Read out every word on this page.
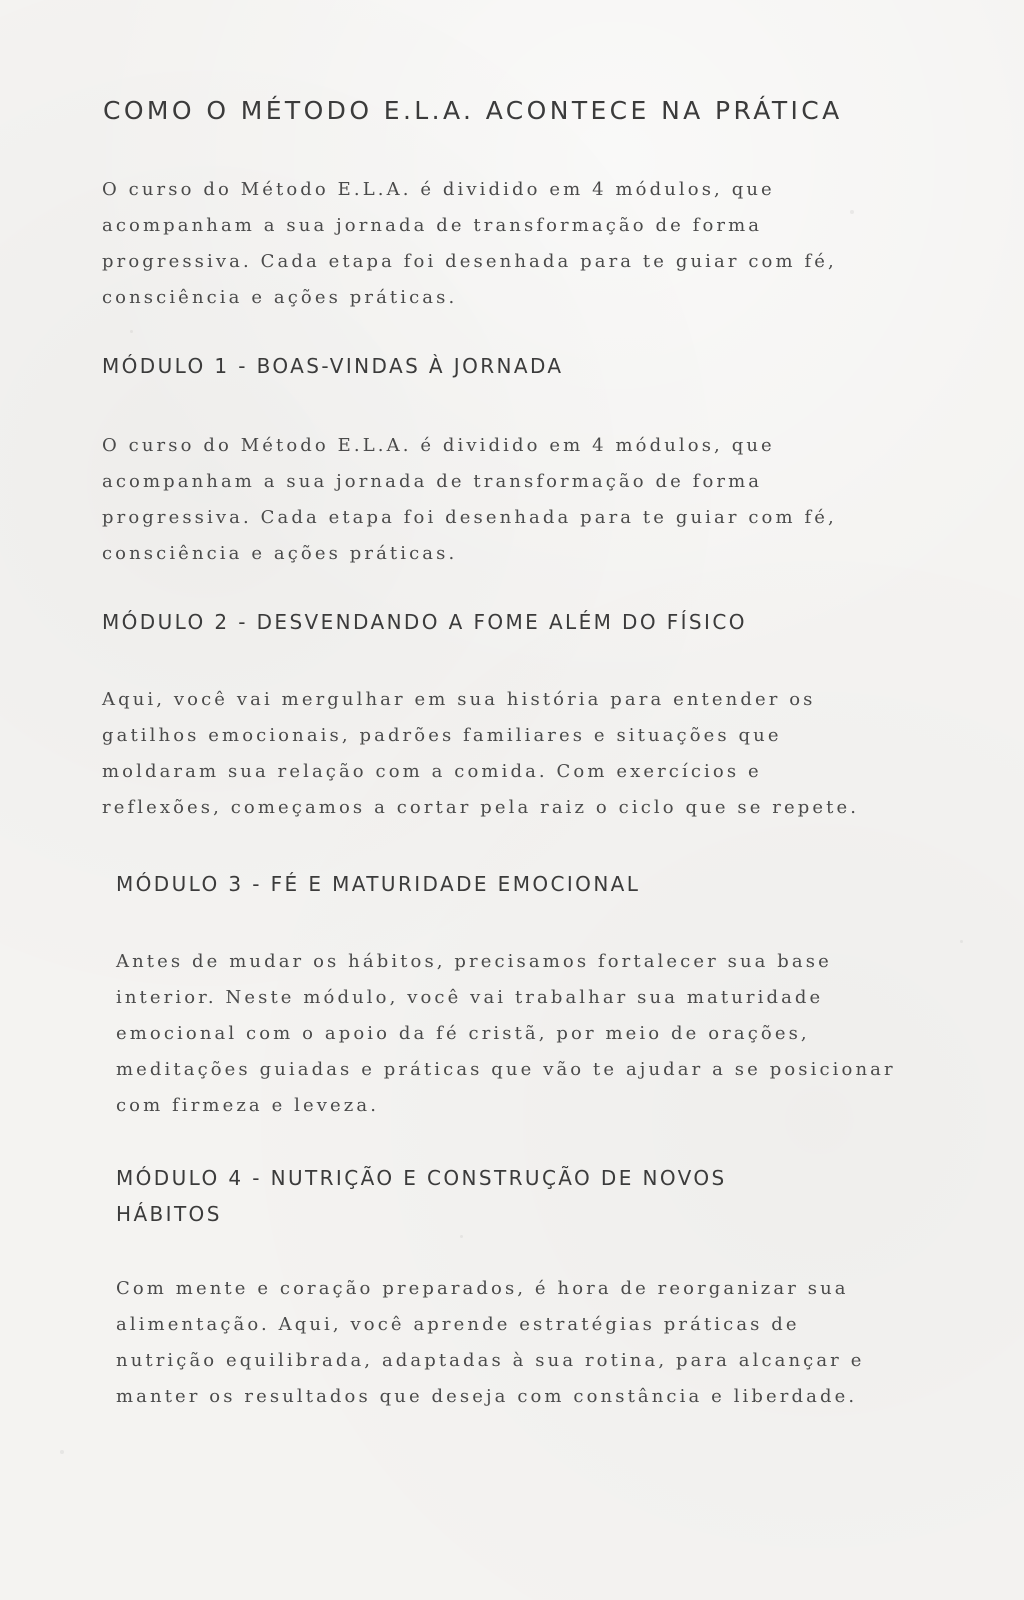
COMO O MÉTODO E.L.A. ACONTECE NA PRÁTICA

O curso do Método E.L.A. é dividido em 4 módulos, que
acompanham a sua jornada de transformação de forma
progressiva. Cada etapa foi desenhada para te guiar com fé,
consciência e ações práticas.

MÓDULO 1 - BOAS-VINDAS À JORNADA

O curso do Método E.L.A. é dividido em 4 módulos, que
acompanham a sua jornada de transformação de forma
progressiva. Cada etapa foi desenhada para te guiar com fé,
consciência e ações práticas.

MÓDULO 2 - DESVENDANDO A FOME ALÉM DO FÍSICO

Aqui, você vai mergulhar em sua história para entender os
gatilhos emocionais, padrões familiares e situações que
moldaram sua relação com a comida. Com exercícios e
reflexões, começamos a cortar pela raiz o ciclo que se repete.

MÓDULO 3 - FÉ E MATURIDADE EMOCIONAL

Antes de mudar os hábitos, precisamos fortalecer sua base
interior. Neste módulo, você vai trabalhar sua maturidade
emocional com o apoio da fé cristã, por meio de orações,
meditações guiadas e práticas que vão te ajudar a se posicionar
com firmeza e leveza.

MÓDULO 4 - NUTRIÇÃO E CONSTRUÇÃO DE NOVOS
HÁBITOS

Com mente e coração preparados, é hora de reorganizar sua
alimentação. Aqui, você aprende estratégias práticas de
nutrição equilibrada, adaptadas à sua rotina, para alcançar e
manter os resultados que deseja com constância e liberdade.
